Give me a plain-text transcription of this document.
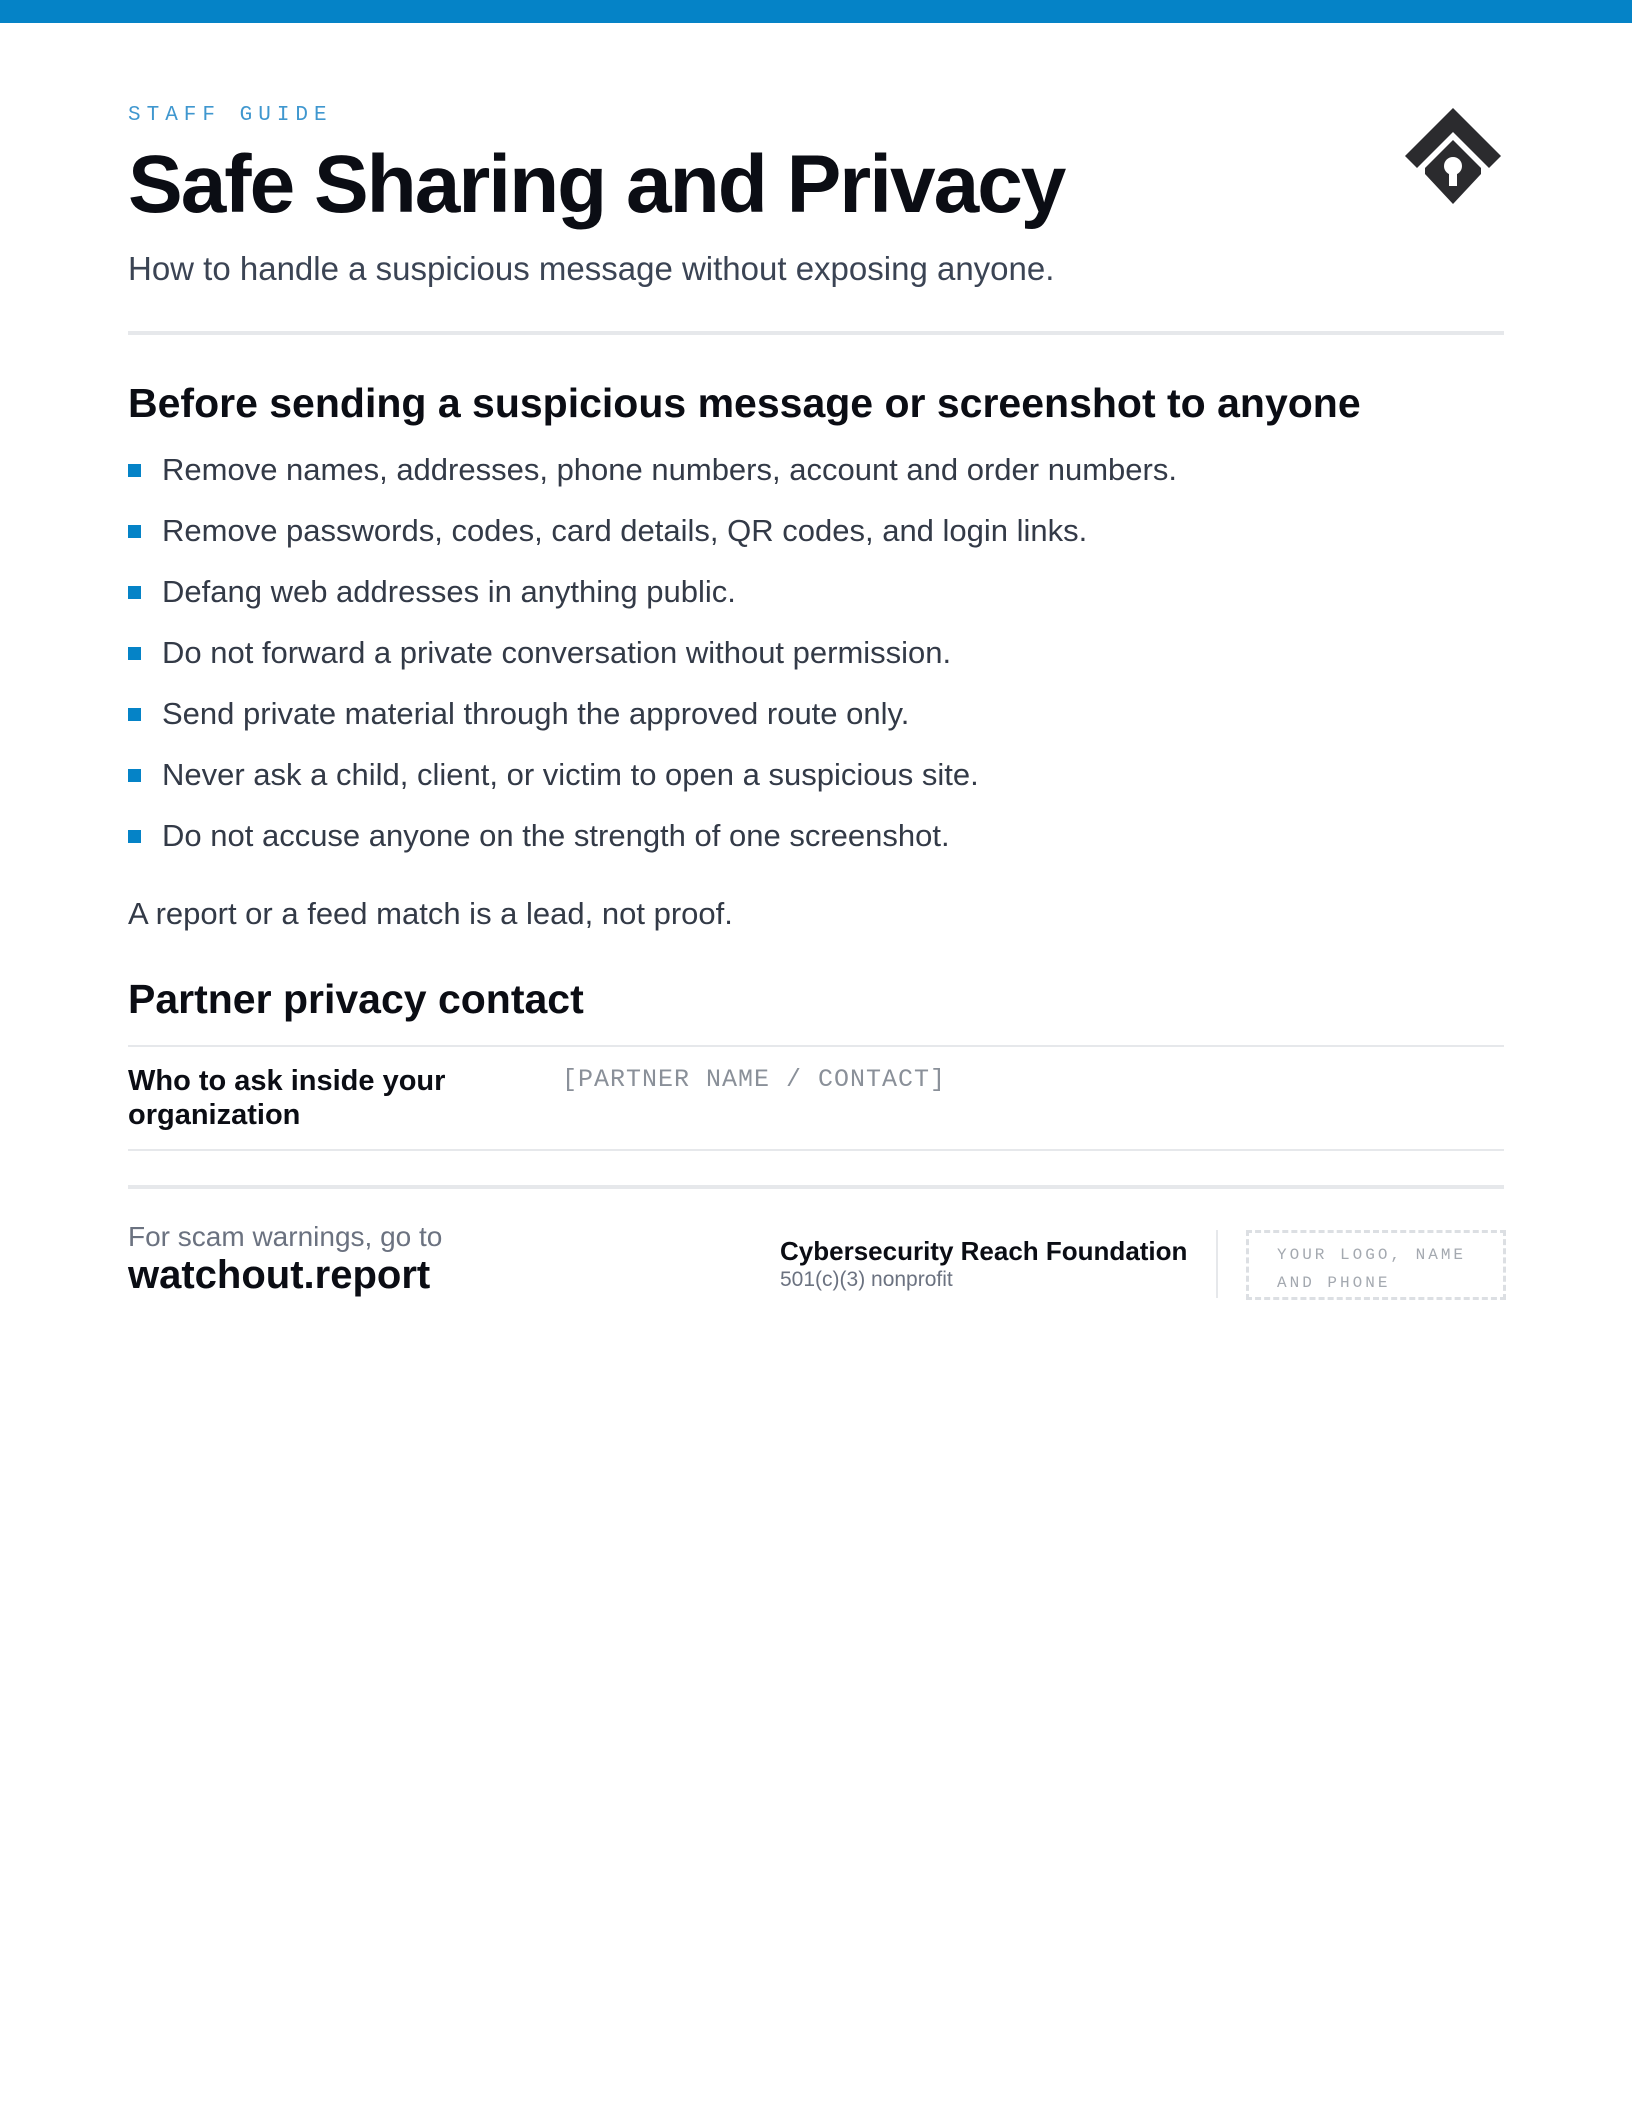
STAFF GUIDE
Safe Sharing and Privacy
How to handle a suspicious message without exposing anyone.
Before sending a suspicious message or screenshot to anyone
Remove names, addresses, phone numbers, account and order numbers.
Remove passwords, codes, card details, QR codes, and login links.
Defang web addresses in anything public.
Do not forward a private conversation without permission.
Send private material through the approved route only.
Never ask a child, client, or victim to open a suspicious site.
Do not accuse anyone on the strength of one screenshot.
A report or a feed match is a lead, not proof.
Partner privacy contact
Who to ask inside your organization
[PARTNER NAME / CONTACT]
For scam warnings, go to
watchout.report
Cybersecurity Reach Foundation
501(c)(3) nonprofit
YOUR LOGO, NAME AND PHONE
